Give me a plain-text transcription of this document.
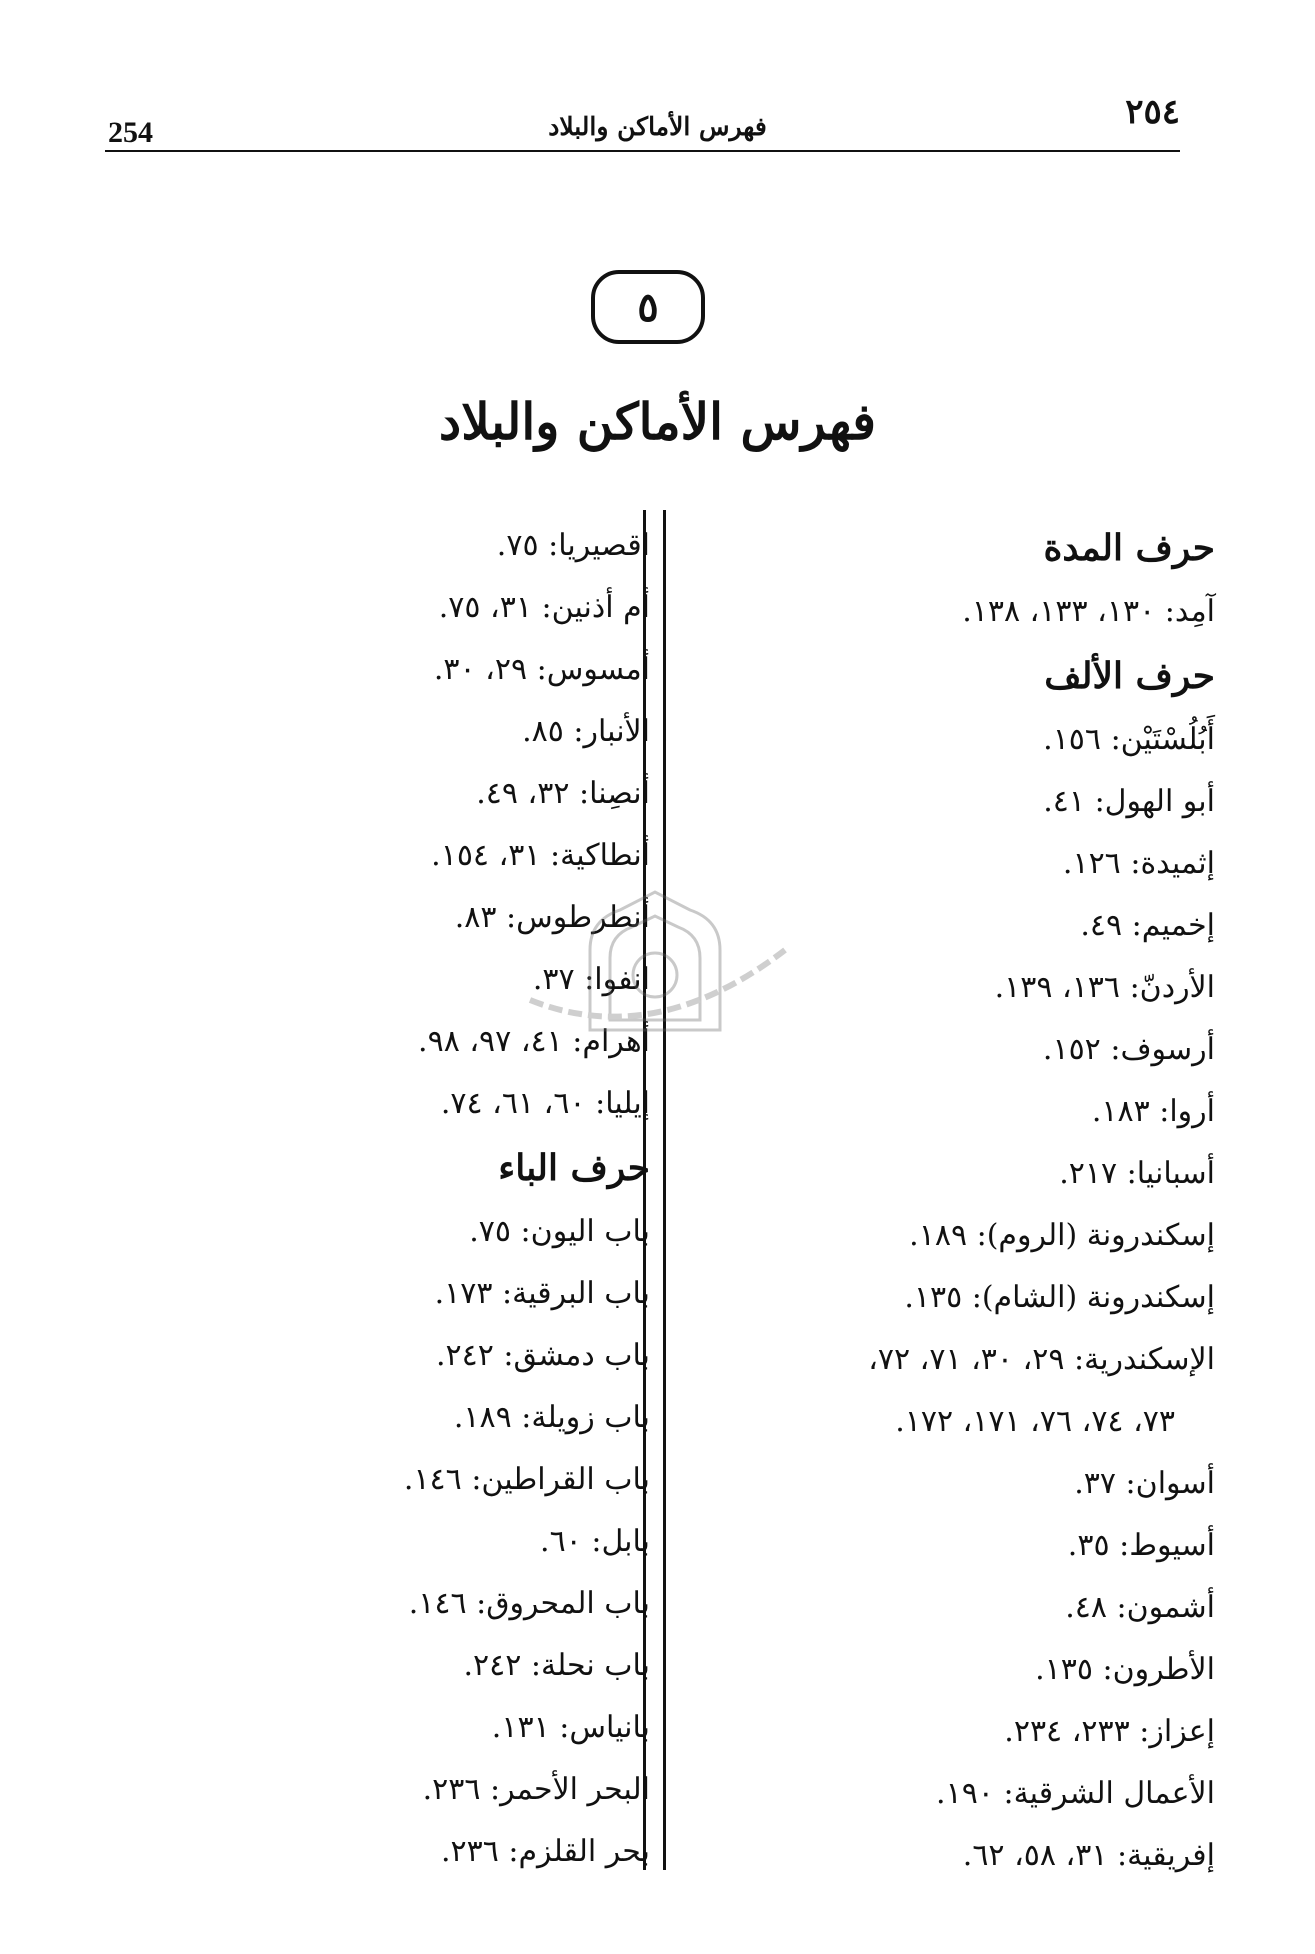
٢٥٤
فهرس الأماكن والبلاد
254
٥
فهرس الأماكن والبلاد
حرف المدة
آمِد: ١٣٠، ١٣٣، ١٣٨.
حرف الألف
أَبُلُسْتَيْن: ١٥٦.
أبو الهول: ٤١.
إثميدة: ١٢٦.
إخميم: ٤٩.
الأردنّ: ١٣٦، ١٣٩.
أرسوف: ١٥٢.
أروا: ١٨٣.
أسبانيا: ٢١٧.
إسكندرونة (الروم): ١٨٩.
إسكندرونة (الشام): ١٣٥.
الإسكندرية: ٢٩، ٣٠، ٧١، ٧٢،
٧٣، ٧٤، ٧٦، ١٧١، ١٧٢.
أسوان: ٣٧.
أسيوط: ٣٥.
أشمون: ٤٨.
الأطرون: ١٣٥.
إعزاز: ٢٣٣، ٢٣٤.
الأعمال الشرقية: ١٩٠.
إفريقية: ٣١، ٥٨، ٦٢.
اقصيريا: ٧٥.
أم أذنين: ٣١، ٧٥.
أمسوس: ٢٩، ٣٠.
الأنبار: ٨٥.
أنصِنا: ٣٢، ٤٩.
أنطاكية: ٣١، ١٥٤.
أنطرطوس: ٨٣.
انفوا: ٣٧.
أهرام: ٤١، ٩٧، ٩٨.
إيليا: ٦٠، ٦١، ٧٤.
حرف الباء
باب اليون: ٧٥.
باب البرقية: ١٧٣.
باب دمشق: ٢٤٢.
باب زويلة: ١٨٩.
باب القراطين: ١٤٦.
بابل: ٦٠.
باب المحروق: ١٤٦.
باب نحلة: ٢٤٢.
بانياس: ١٣١.
البحر الأحمر: ٢٣٦.
بحر القلزم: ٢٣٦.
